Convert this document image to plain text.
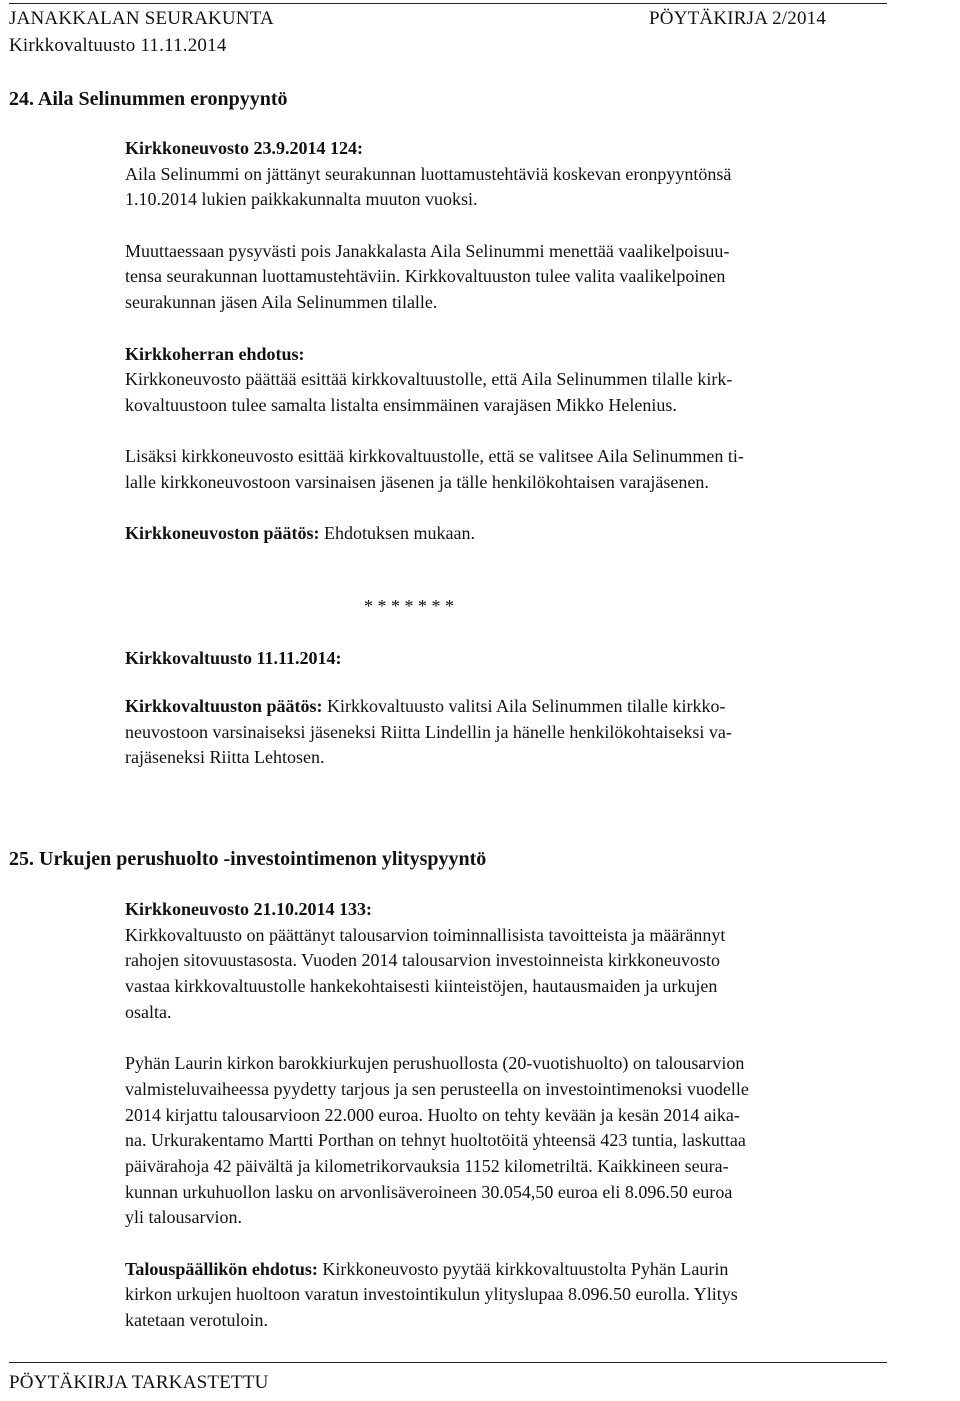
JANAKKALAN SEURAKUNTA	PÖYTÄKIRJA 2/2014
Kirkkovaltuusto 11.11.2014
24. Aila Selinummen eronpyyntö
Kirkkoneuvosto 23.9.2014 124:
Aila Selinummi on jättänyt seurakunnan luottamustehtäviä koskevan eronpyyntönsä
1.10.2014 lukien paikkakunnalta muuton vuoksi.
Muuttaessaan pysyvästi pois Janakkalasta Aila Selinummi menettää vaalikelpoisuu-
tensa seurakunnan luottamustehtäviin. Kirkkovaltuuston tulee valita vaalikelpoinen
seurakunnan jäsen Aila Selinummen tilalle.
Kirkkoherran ehdotus:
Kirkkoneuvosto päättää esittää kirkkovaltuustolle, että Aila Selinummen tilalle kirk-
kovaltuustoon tulee samalta listalta ensimmäinen varajäsen Mikko Helenius.
Lisäksi kirkkoneuvosto esittää kirkkovaltuustolle, että se valitsee Aila Selinummen ti-
lalle kirkkoneuvostoon varsinaisen jäsenen ja tälle henkilökohtaisen varajäsenen.
Kirkkoneuvoston päätös: Ehdotuksen mukaan.
* * * * * * *
Kirkkovaltuusto 11.11.2014:
Kirkkovaltuuston päätös: Kirkkovaltuusto valitsi Aila Selinummen tilalle kirkko-
neuvostoon varsinaiseksi jäseneksi Riitta Lindellin ja hänelle henkilökohtaiseksi va-
rajäseneksi Riitta Lehtosen.
25. Urkujen perushuolto -investointimenon ylityspyyntö
Kirkkoneuvosto 21.10.2014 133:
Kirkkovaltuusto on päättänyt talousarvion toiminnallisista tavoitteista ja määrännyt
rahojen sitovuustasosta. Vuoden 2014 talousarvion investoinneista kirkkoneuvosto
vastaa kirkkovaltuustolle hankekohtaisesti kiinteistöjen, hautausmaiden ja urkujen
osalta.
Pyhän Laurin kirkon barokkiurkujen perushuollosta (20-vuotishuolto) on talousarvion
valmisteluvaiheessa pyydetty tarjous ja sen perusteella on investointimenoksi vuodelle
2014 kirjattu talousarvioon 22.000 euroa. Huolto on tehty kevään ja kesän 2014 aika-
na. Urkurakentamo Martti Porthan on tehnyt huoltotöitä yhteensä 423 tuntia, laskuttaa
päivärahoja 42 päivältä ja kilometrikorvauksia 1152 kilometriltä. Kaikkineen seura-
kunnan urkuhuollon lasku on arvonlisäveroineen 30.054,50 euroa eli 8.096.50 euroa
yli talousarvion.
Talouspäällikön ehdotus: Kirkkoneuvosto pyytää kirkkovaltuustolta Pyhän Laurin
kirkon urkujen huoltoon varatun investointikulun ylityslupaa 8.096.50 eurolla. Ylitys
katetaan verotuloin.
PÖYTÄKIRJA TARKASTETTU
